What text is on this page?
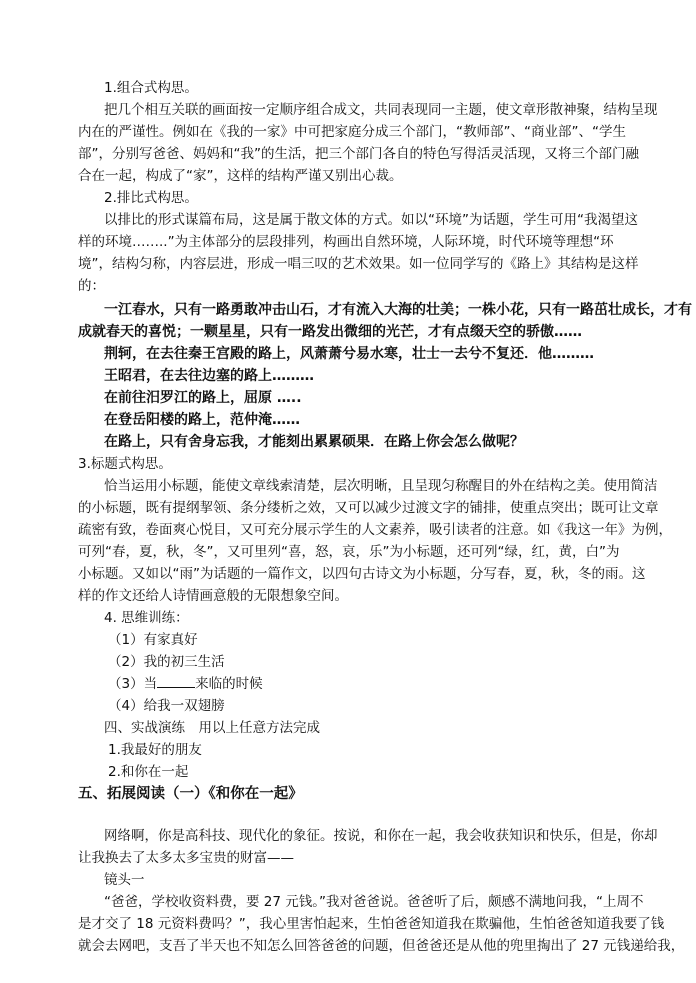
1.组合式构思。
把几个相互关联的画面按一定顺序组合成文，共同表现同一主题，使文章形散神聚，结构呈现
内在的严谨性。例如在《我的一家》中可把家庭分成三个部门，“教师部”、“商业部”、“学生
部”，分别写爸爸、妈妈和“我”的生活，把三个部门各自的特色写得活灵活现，又将三个部门融
合在一起，构成了“家”，这样的结构严谨又别出心裁。
2.排比式构思。
以排比的形式谋篇布局，这是属于散文体的方式。如以“环境”为话题，学生可用“我渴望这
样的环境……..”为主体部分的层段排列，构画出自然环境，人际环境，时代环境等理想“环
境”，结构匀称，内容层进，形成一唱三叹的艺术效果。如一位同学写的《路上》其结构是这样
的：
一江春水，只有一路勇敢冲击山石，才有流入大海的壮美；一株小花，只有一路茁壮成长，才有
成就春天的喜悦；一颗星星，只有一路发出微细的光芒，才有点缀天空的骄傲……
荆轲，在去往秦王宫殿的路上，风萧萧兮易水寒，壮士一去兮不复还．他………
王昭君，在去往边塞的路上………
在前往汨罗江的路上，屈原 …..
在登岳阳楼的路上，范仲淹……
在路上，只有舍身忘我，才能刻出累累硕果．在路上你会怎么做呢？
3.标题式构思。
恰当运用小标题，能使文章线索清楚，层次明晰，且呈现匀称醒目的外在结构之美。使用简洁
的小标题，既有提纲挈领、条分缕析之效，又可以减少过渡文字的铺排，使重点突出；既可让文章
疏密有致，卷面爽心悦目，又可充分展示学生的人文素养，吸引读者的注意。如《我这一年》为例，
可列“春，夏，秋，冬”，又可里列“喜，怒，哀，乐”为小标题，还可列“绿，红，黄，白”为
小标题。又如以“雨”为话题的一篇作文，以四句古诗文为小标题，分写春，夏，秋，冬的雨。这
样的作文还给人诗情画意般的无限想象空间。
4. 思维训练：
（1）有家真好
（2）我的初三生活
（4）给我一双翅膀
四、实战演练　用以上任意方法完成
1.我最好的朋友
2.和你在一起
五、拓展阅读（一）《和你在一起》
网络啊，你是高科技、现代化的象征。按说，和你在一起，我会收获知识和快乐，但是，你却
让我换去了太多太多宝贵的财富——
镜头一
“爸爸，学校收资料费，要 27 元钱。”我对爸爸说。爸爸听了后，颇感不满地问我，“上周不
是才交了 18 元资料费吗？”，我心里害怕起来，生怕爸爸知道我在欺骗他，生怕爸爸知道我要了钱
就会去网吧，支吾了半天也不知怎么回答爸爸的问题，但爸爸还是从他的兜里掏出了 27 元钱递给我，
（3）当	来临的时候
